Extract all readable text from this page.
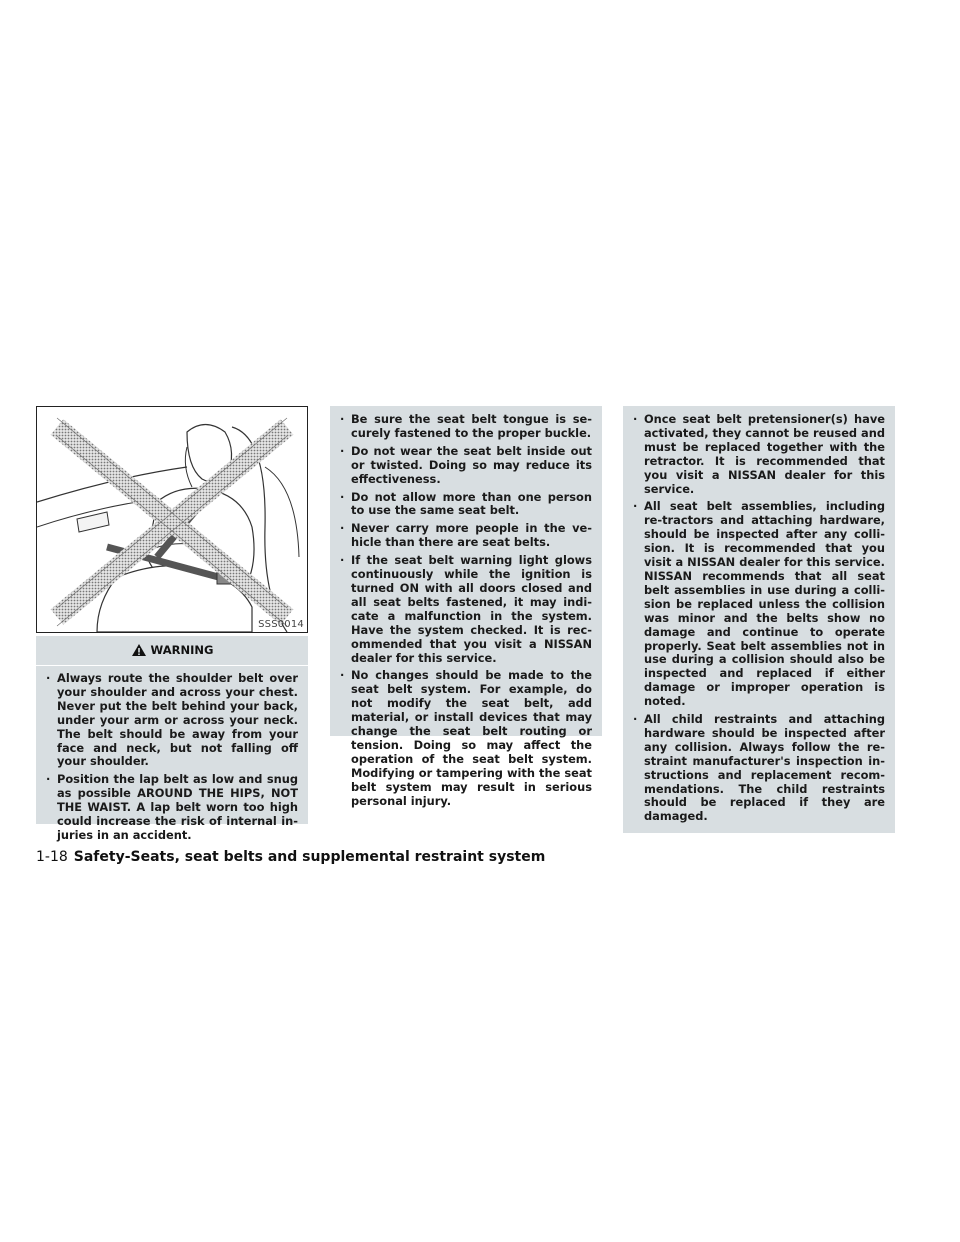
SSS0014
WARNING
· Always route the shoulder belt over your shoulder and across your chest. Never put the belt behind your back, under your arm or across your neck. The belt should be away from your face and neck, but not falling off your shoulder.
· Position the lap belt as low and snug as possible AROUND THE HIPS, NOT THE WAIST. A lap belt worn too high could increase the risk of internal in-juries in an accident.
· Be sure the seat belt tongue is se-curely fastened to the proper buckle.
· Do not wear the seat belt inside out or twisted. Doing so may reduce its effectiveness.
· Do not allow more than one person to use the same seat belt.
· Never carry more people in the ve-hicle than there are seat belts.
· If the seat belt warning light glows continuously while the ignition is turned ON with all doors closed and all seat belts fastened, it may indi-cate a malfunction in the system. Have the system checked. It is rec-ommended that you visit a NISSAN dealer for this service.
· No changes should be made to the seat belt system. For example, do not modify the seat belt, add material, or install devices that may change the seat belt routing or tension. Doing so may affect the operation of the seat belt system. Modifying or tampering with the seat belt system may result in serious personal injury.
· Once seat belt pretensioner(s) have activated, they cannot be reused and must be replaced together with the retractor. It is recommended that you visit a NISSAN dealer for this service.
· All seat belt assemblies, including re-tractors and attaching hardware, should be inspected after any colli-sion. It is recommended that you visit a NISSAN dealer for this service. NISSAN recommends that all seat belt assemblies in use during a colli-sion be replaced unless the collision was minor and the belts show no damage and continue to operate properly. Seat belt assemblies not in use during a collision should also be inspected and replaced if either damage or improper operation is noted.
· All child restraints and attaching hardware should be inspected after any collision. Always follow the re-straint manufacturer's inspection in-structions and replacement recom-mendations. The child restraints should be replaced if they are damaged.
1-18 Safety-Seats, seat belts and supplemental restraint system
